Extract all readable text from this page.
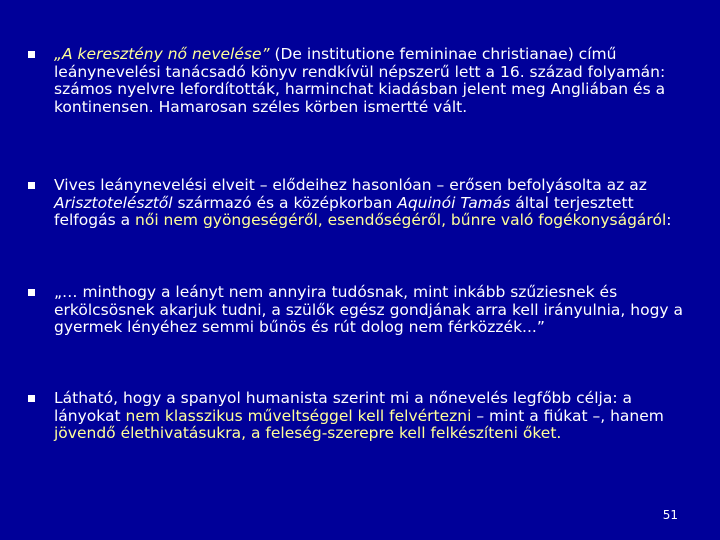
„A keresztény nő nevelése” (De institutione femininae christianae) című leánynevelési tanácsadó könyv rendkívül népszerű lett a 16. század folyamán: számos nyelvre lefordították, harminchat kiadásban jelent meg Angliában és a kontinensen. Hamarosan széles körben ismertté vált.
Vives leánynevelési elveit – elődeihez hasonlóan – erősen befolyásolta az az Arisztotelésztől származó és a középkorban Aquinói Tamás által terjesztett felfogás a női nem gyöngeségéről, esendőségéről, bűnre való fogékonyságáról:
„… minthogy a leányt nem annyira tudósnak, mint inkább szűziesnek és erkölcsösnek akarjuk tudni, a szülők egész gondjának arra kell irányulnia, hogy a gyermek lényéhez semmi bűnös és rút dolog nem férközzék...”
Látható, hogy a spanyol humanista szerint mi a nőnevelés legfőbb célja: a lányokat nem klasszikus műveltséggel kell felvértezni – mint a fiúkat –, hanem jövendő élethivatásukra, a feleség-szerepre kell felkészíteni őket.
51
